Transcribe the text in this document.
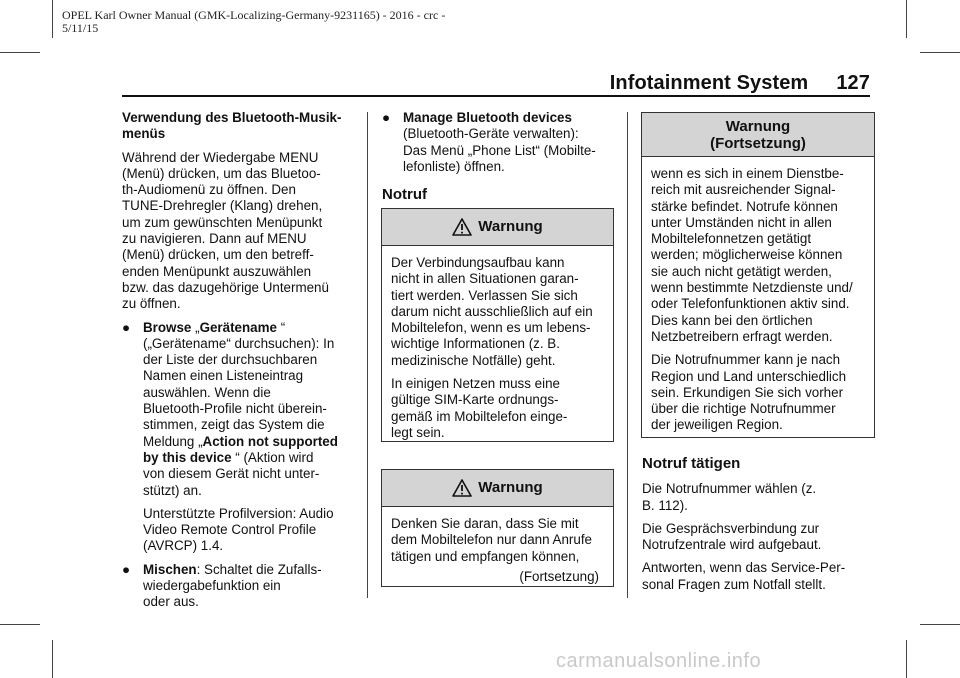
OPEL Karl Owner Manual (GMK-Localizing-Germany-9231165) - 2016 - crc -
5/11/15
Infotainment System 127

Verwendung des Bluetooth-Musik-
menüs

Während der Wiedergabe MENU
(Menü) drücken, um das Bluetoo-
th-Audiomenü zu öffnen. Den
TUNE-Drehregler (Klang) drehen,
um zum gewünschten Menüpunkt
zu navigieren. Dann auf MENU
(Menü) drücken, um den betreff-
enden Menüpunkt auszuwählen
bzw. das dazugehörige Untermenü
zu öffnen.

● Browse „Gerätename “
(„Gerätename“ durchsuchen): In
der Liste der durchsuchbaren
Namen einen Listeneintrag
auswählen. Wenn die
Bluetooth-Profile nicht überein-
stimmen, zeigt das System die
Meldung „Action not supported
by this device “ (Aktion wird
von diesem Gerät nicht unter-
stützt) an.
Unterstützte Profilversion: Audio
Video Remote Control Profile
(AVRCP) 1.4.
● Mischen: Schaltet die Zufalls-
wiedergabefunktion ein
oder aus.
● Manage Bluetooth devices
(Bluetooth-Geräte verwalten):
Das Menü „Phone List“ (Mobilte-
lefonliste) öffnen.
Notruf
Warnung

Der Verbindungsaufbau kann
nicht in allen Situationen garan-
tiert werden. Verlassen Sie sich
darum nicht ausschließlich auf ein
Mobiltelefon, wenn es um lebens-
wichtige Informationen (z. B.
medizinische Notfälle) geht.

In einigen Netzen muss eine
gültige SIM-Karte ordnungs-
gemäß im Mobiltelefon einge-
legt sein.

Warnung

Denken Sie daran, dass Sie mit
dem Mobiltelefon nur dann Anrufe
tätigen und empfangen können,

(Fortsetzung)
Warnung
(Fortsetzung)

wenn es sich in einem Dienstbe-
reich mit ausreichender Signal-
stärke befindet. Notrufe können
unter Umständen nicht in allen
Mobiltelefonnetzen getätigt
werden; möglicherweise können
sie auch nicht getätigt werden,
wenn bestimmte Netzdienste und/
oder Telefonfunktionen aktiv sind.
Dies kann bei den örtlichen
Netzbetreibern erfragt werden.

Die Notrufnummer kann je nach
Region und Land unterschiedlich
sein. Erkundigen Sie sich vorher
über die richtige Notrufnummer
der jeweiligen Region.

Notruf tätigen

Die Notrufnummer wählen (z.
B. 112).

Die Gesprächsverbindung zur
Notrufzentrale wird aufgebaut.

Antworten, wenn das Service-Per-
sonal Fragen zum Notfall stellt.

carmanualsonline.info
